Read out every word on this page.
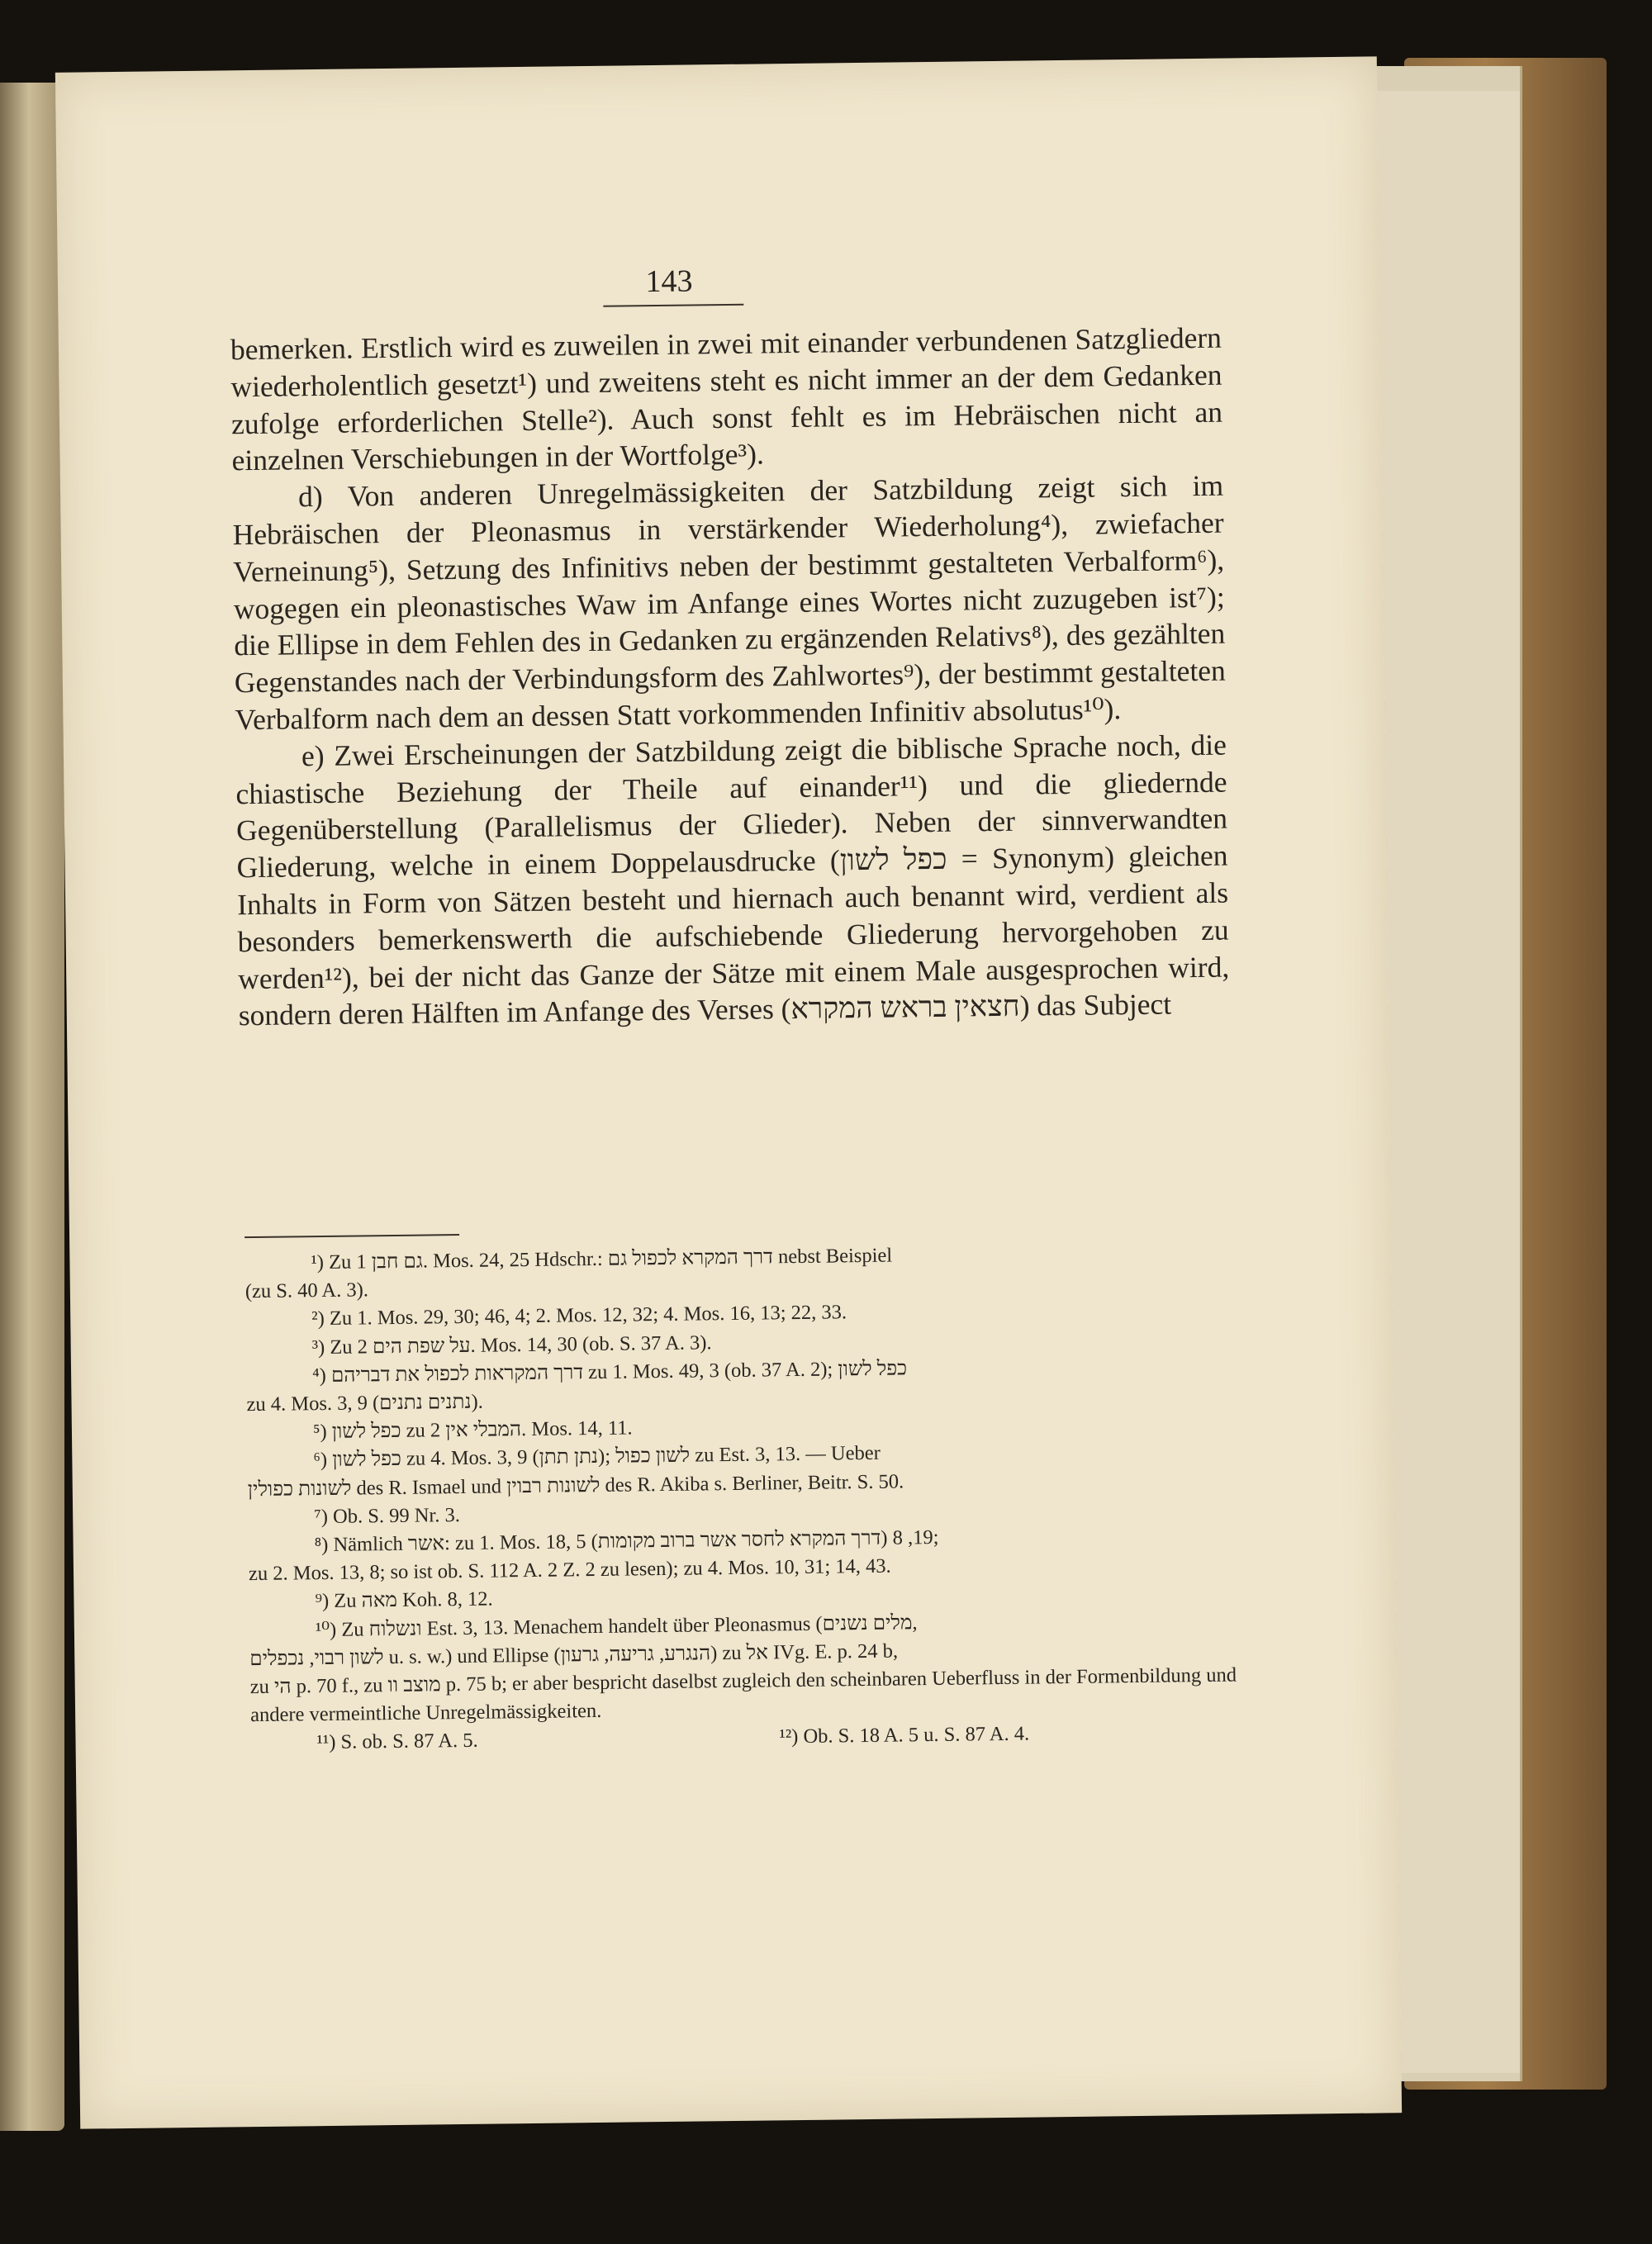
143

bemerken. Erstlich wird es zuweilen in zwei mit einander verbundenen Satzgliedern wiederholentlich gesetzt¹) und zweitens steht es nicht immer an der dem Gedanken zufolge erforderlichen Stelle²). Auch sonst fehlt es im Hebräischen nicht an einzelnen Verschiebungen in der Wortfolge³).

d) Von anderen Unregelmässigkeiten der Satzbildung zeigt sich im Hebräischen der Pleonasmus in verstärkender Wiederholung⁴), zwiefacher Verneinung⁵), Setzung des Infinitivs neben der bestimmt gestalteten Verbalform⁶), wogegen ein pleonastisches Waw im Anfange eines Wortes nicht zuzugeben ist⁷); die Ellipse in dem Fehlen des in Gedanken zu ergänzenden Relativs⁸), des gezählten Gegenstandes nach der Verbindungsform des Zahlwortes⁹), der bestimmt gestalteten Verbalform nach dem an dessen Statt vorkommenden Infinitiv absolutus¹⁰).

e) Zwei Erscheinungen der Satzbildung zeigt die biblische Sprache noch, die chiastische Beziehung der Theile auf einander¹¹) und die gliedernde Gegenüberstellung (Parallelismus der Glieder). Neben der sinnverwandten Gliederung, welche in einem Doppelausdrucke (כפל לשון = Synonym) gleichen Inhalts in Form von Sätzen besteht und hiernach auch benannt wird, verdient als besonders bemerkenswerth die aufschiebende Gliederung hervorgehoben zu werden¹²), bei der nicht das Ganze der Sätze mit einem Male ausgesprochen wird, sondern deren Hälften im Anfange des Verses (חצאין בראש המקרא) das Subject

¹) Zu גם חבן 1. Mos. 24, 25 Hdschr.: דרך המקרא לכפול גם nebst Beispiel

(zu S. 40 A. 3).

²) Zu 1. Mos. 29, 30; 46, 4; 2. Mos. 12, 32; 4. Mos. 16, 13; 22, 33.

³) Zu על שפת הים 2. Mos. 14, 30 (ob. S. 37 A. 3).

⁴) דרך המקראות לכפול את דבריהם zu 1. Mos. 49, 3 (ob. 37 A. 2); כפל לשון

zu 4. Mos. 3, 9 (נתנים נתנים).

⁵) כפל לשון zu המבלי אין 2. Mos. 14, 11.

⁶) כפל לשון zu 4. Mos. 3, 9 (נתן תתן); לשון כפול zu Est. 3, 13. — Ueber

לשונות כפולין des R. Ismael und לשונות רבוין des R. Akiba s. Berliner, Beitr. S. 50.

⁷) Ob. S. 99 Nr. 3.

⁸) Nämlich אשר: zu 1. Mos. 18, 5 (דרך המקרא לחסר אשר ברוב מקומות) 19, 8;

zu 2. Mos. 13, 8; so ist ob. S. 112 A. 2 Z. 2 zu lesen); zu 4. Mos. 10, 31; 14, 43.

⁹) Zu מאה Koh. 8, 12.

¹⁰) Zu ונשלוח Est. 3, 13. Menachem handelt über Pleonasmus (מלים נשנים,

לשון רבוי, נכפלים u. s. w.) und Ellipse (הנגרע, גריעה, גרעון) zu אל IVg. E. p. 24 b,

zu הי p. 70 f., zu מוצב וו p. 75 b; er aber bespricht daselbst zugleich den scheinbaren Ueberfluss in der Formenbildung und andere vermeintliche Unregelmässigkeiten.

¹¹) S. ob. S. 87 A. 5.	¹²) Ob. S. 18 A. 5 u. S. 87 A. 4.
